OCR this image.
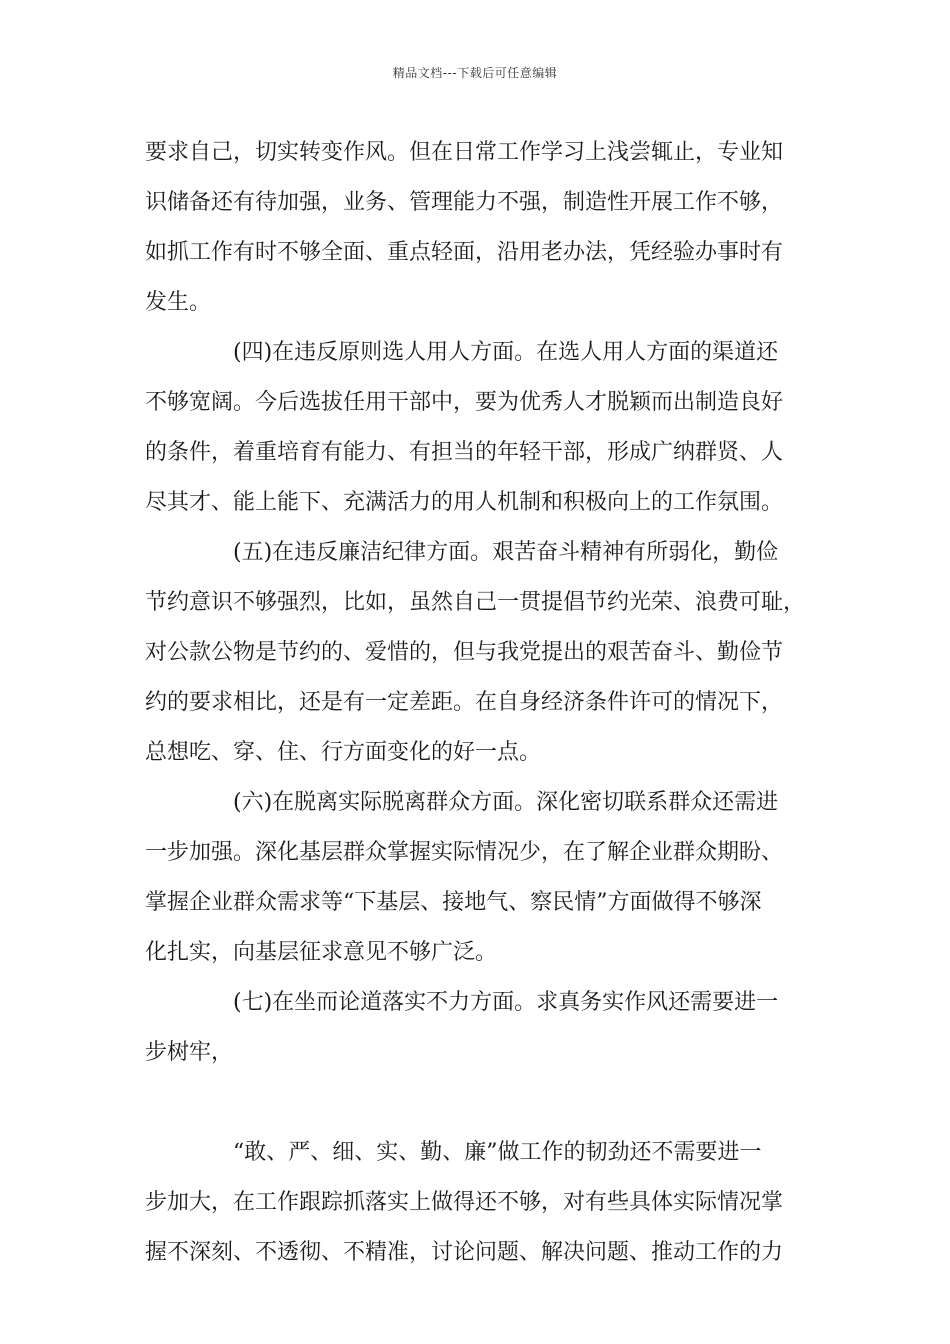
精品文档---下载后可任意编辑
要求自己，切实转变作风。但在日常工作学习上浅尝辄止，专业知
识储备还有待加强，业务、管理能力不强，制造性开展工作不够，
如抓工作有时不够全面、重点轻面，沿用老办法，凭经验办事时有
发生。
(四)在违反原则选人用人方面。在选人用人方面的渠道还
不够宽阔。今后选拔任用干部中，要为优秀人才脱颖而出制造良好
的条件，着重培育有能力、有担当的年轻干部，形成广纳群贤、人
尽其才、能上能下、充满活力的用人机制和积极向上的工作氛围。
(五)在违反廉洁纪律方面。艰苦奋斗精神有所弱化，勤俭
节约意识不够强烈，比如，虽然自己一贯提倡节约光荣、浪费可耻，
对公款公物是节约的、爱惜的，但与我党提出的艰苦奋斗、勤俭节
约的要求相比，还是有一定差距。在自身经济条件许可的情况下，
总想吃、穿、住、行方面变化的好一点。
(六)在脱离实际脱离群众方面。深化密切联系群众还需进
一步加强。深化基层群众掌握实际情况少，在了解企业群众期盼、
掌握企业群众需求等“下基层、接地气、察民情”方面做得不够深
化扎实，向基层征求意见不够广泛。
(七)在坐而论道落实不力方面。求真务实作风还需要进一
步树牢，
“敢、严、细、实、勤、廉”做工作的韧劲还不需要进一
步加大，在工作跟踪抓落实上做得还不够，对有些具体实际情况掌
握不深刻、不透彻、不精准，讨论问题、解决问题、推动工作的力
